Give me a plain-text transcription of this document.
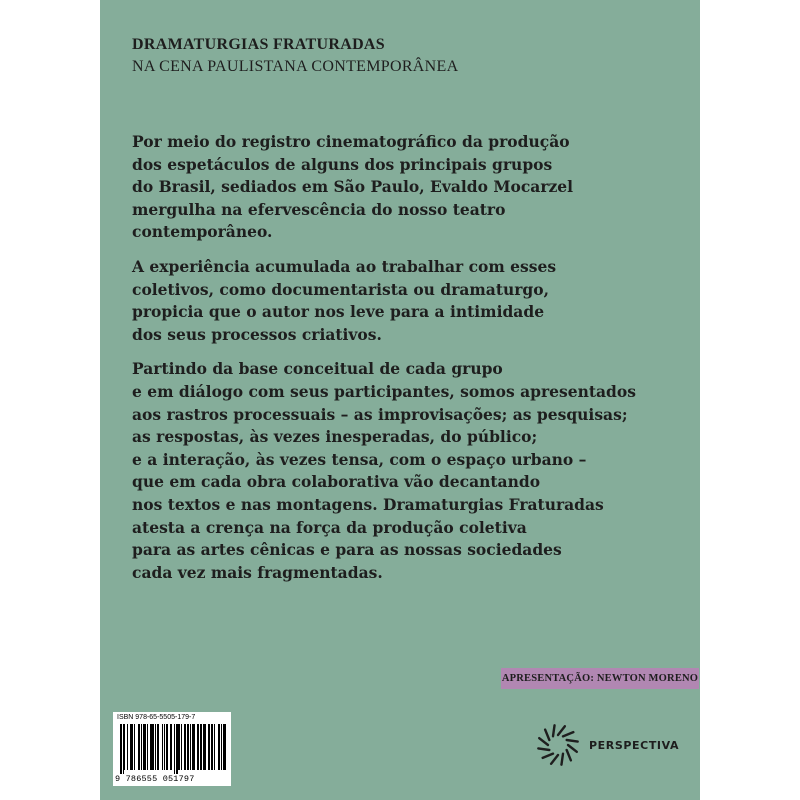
DRAMATURGIAS FRATURADAS
NA CENA PAULISTANA CONTEMPORÂNEA

Por meio do registro cinematográfico da produção
dos espetáculos de alguns dos principais grupos
do Brasil, sediados em São Paulo, Evaldo Mocarzel
mergulha na efervescência do nosso teatro
contemporâneo.

A experiência acumulada ao trabalhar com esses
coletivos, como documentarista ou dramaturgo,
propicia que o autor nos leve para a intimidade
dos seus processos criativos.

Partindo da base conceitual de cada grupo
e em diálogo com seus participantes, somos apresentados
aos rastros processuais – as improvisações; as pesquisas;
as respostas, às vezes inesperadas, do público;
e a interação, às vezes tensa, com o espaço urbano –
que em cada obra colaborativa vão decantando
nos textos e nas montagens. Dramaturgias Fraturadas
atesta a crença na força da produção coletiva
para as artes cênicas e para as nossas sociedades
cada vez mais fragmentadas.

APRESENTAÇÃO: NEWTON MORENO
ISBN 978-65-5505-179-7
9 786555 051797
PERSPECTIVA
